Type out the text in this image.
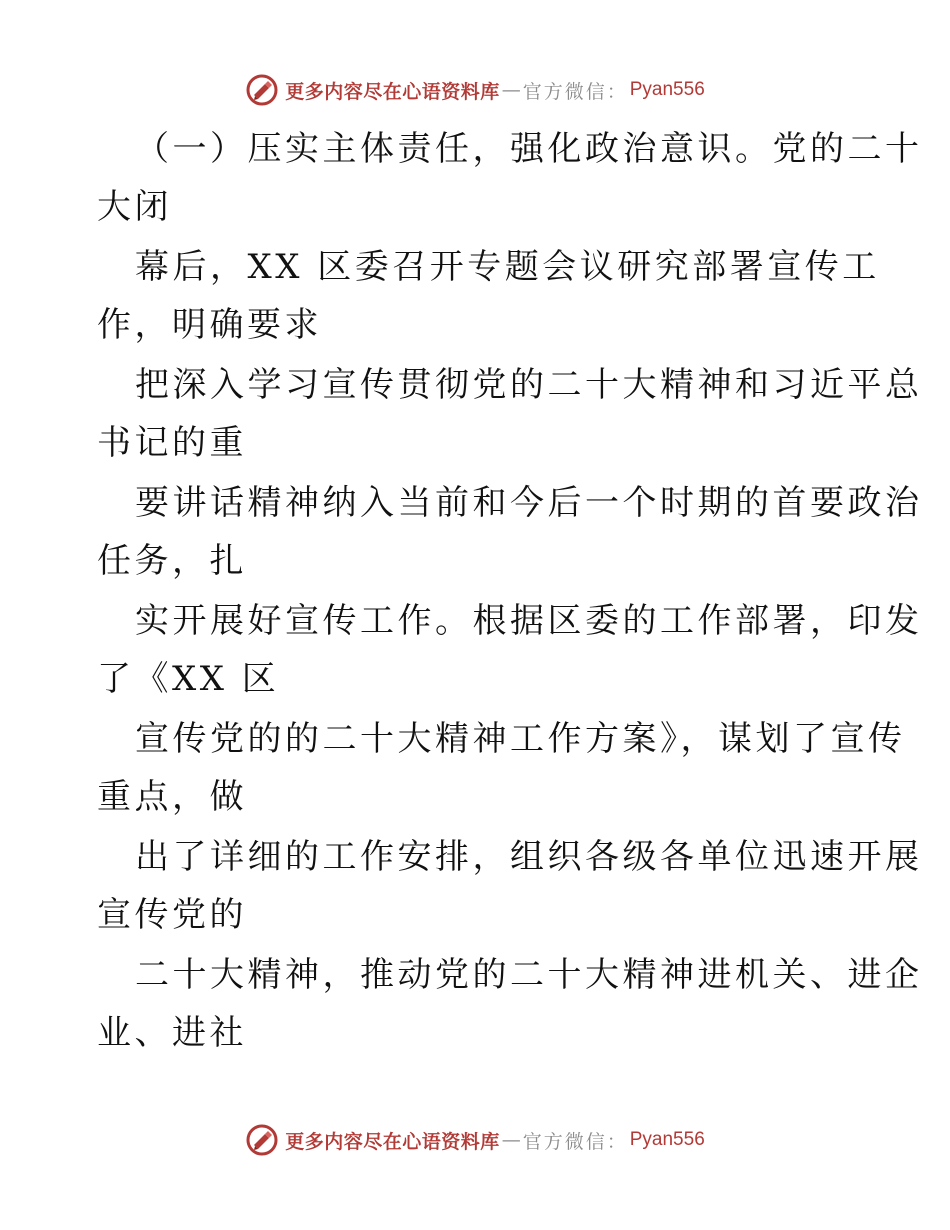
更多内容尽在心语资料库 — 官方微信： Pyan556
（一）压实主体责任，强化政治意识。党的二十
大闭
幕后，XX 区委召开专题会议研究部署宣传工
作，明确要求
把深入学习宣传贯彻党的二十大精神和习近平总
书记的重
要讲话精神纳入当前和今后一个时期的首要政治
任务，扎
实开展好宣传工作。根据区委的工作部署，印发
了《XX 区
宣传党的的二十大精神工作方案》，谋划了宣传
重点，做
出了详细的工作安排，组织各级各单位迅速开展
宣传党的
二十大精神，推动党的二十大精神进机关、进企
业、进社
更多内容尽在心语资料库 — 官方微信： Pyan556
